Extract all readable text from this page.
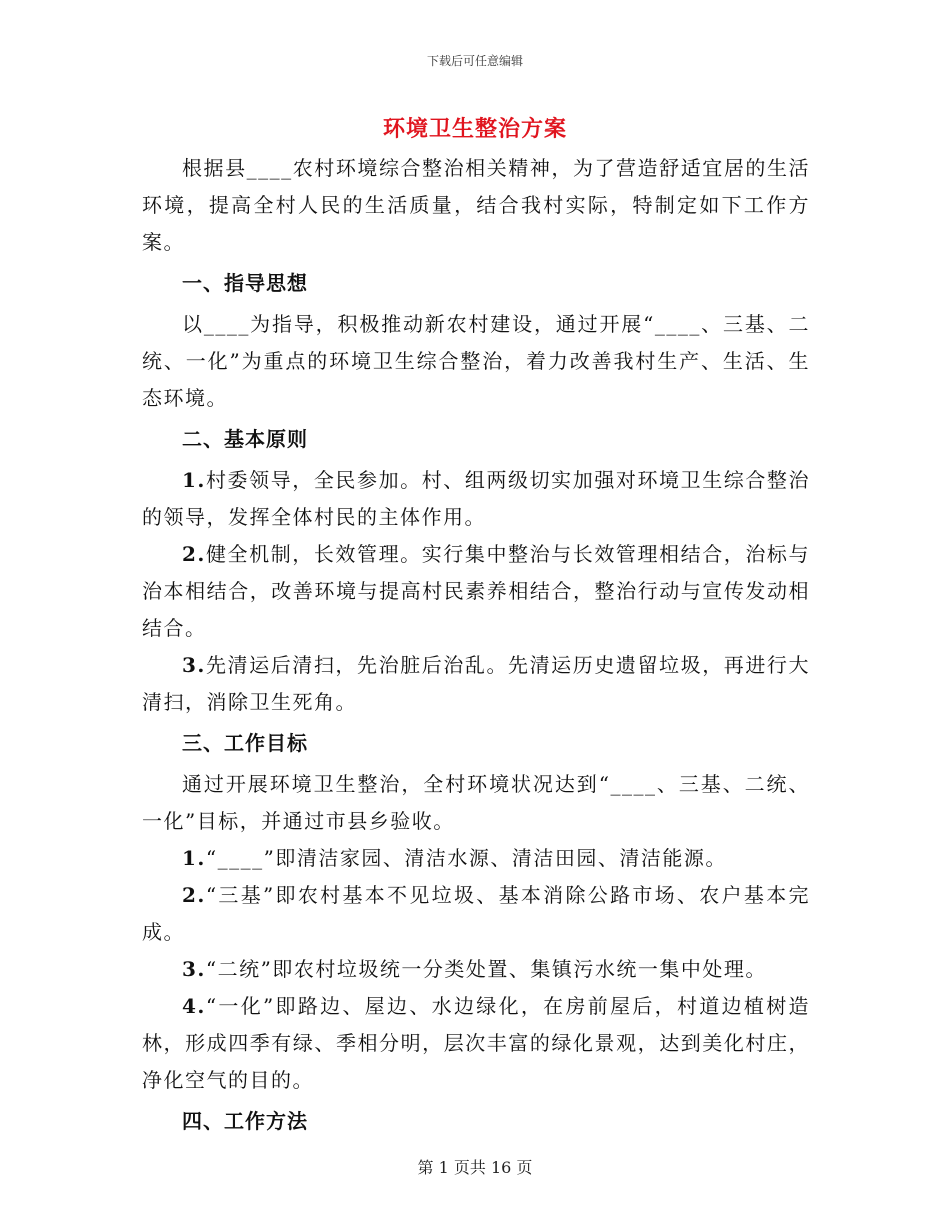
下载后可任意编辑
环境卫生整治方案

根据县____农村环境综合整治相关精神，为了营造舒适宜居的生活环境，提高全村人民的生活质量，结合我村实际，特制定如下工作方案。

一、指导思想

以____为指导，积极推动新农村建设，通过开展“____、三基、二统、一化”为重点的环境卫生综合整治，着力改善我村生产、生活、生态环境。

二、基本原则

1.村委领导，全民参加。村、组两级切实加强对环境卫生综合整治的领导，发挥全体村民的主体作用。

2.健全机制，长效管理。实行集中整治与长效管理相结合，治标与治本相结合，改善环境与提高村民素养相结合，整治行动与宣传发动相结合。

3.先清运后清扫，先治脏后治乱。先清运历史遗留垃圾，再进行大清扫，消除卫生死角。

三、工作目标

通过开展环境卫生整治，全村环境状况达到“____、三基、二统、一化”目标，并通过市县乡验收。

1.“____”即清洁家园、清洁水源、清洁田园、清洁能源。

2.“三基”即农村基本不见垃圾、基本消除公路市场、农户基本完成。

3.“二统”即农村垃圾统一分类处置、集镇污水统一集中处理。

4.“一化”即路边、屋边、水边绿化，在房前屋后，村道边植树造林，形成四季有绿、季相分明，层次丰富的绿化景观，达到美化村庄，净化空气的目的。

四、工作方法

第 1 页共 16 页
